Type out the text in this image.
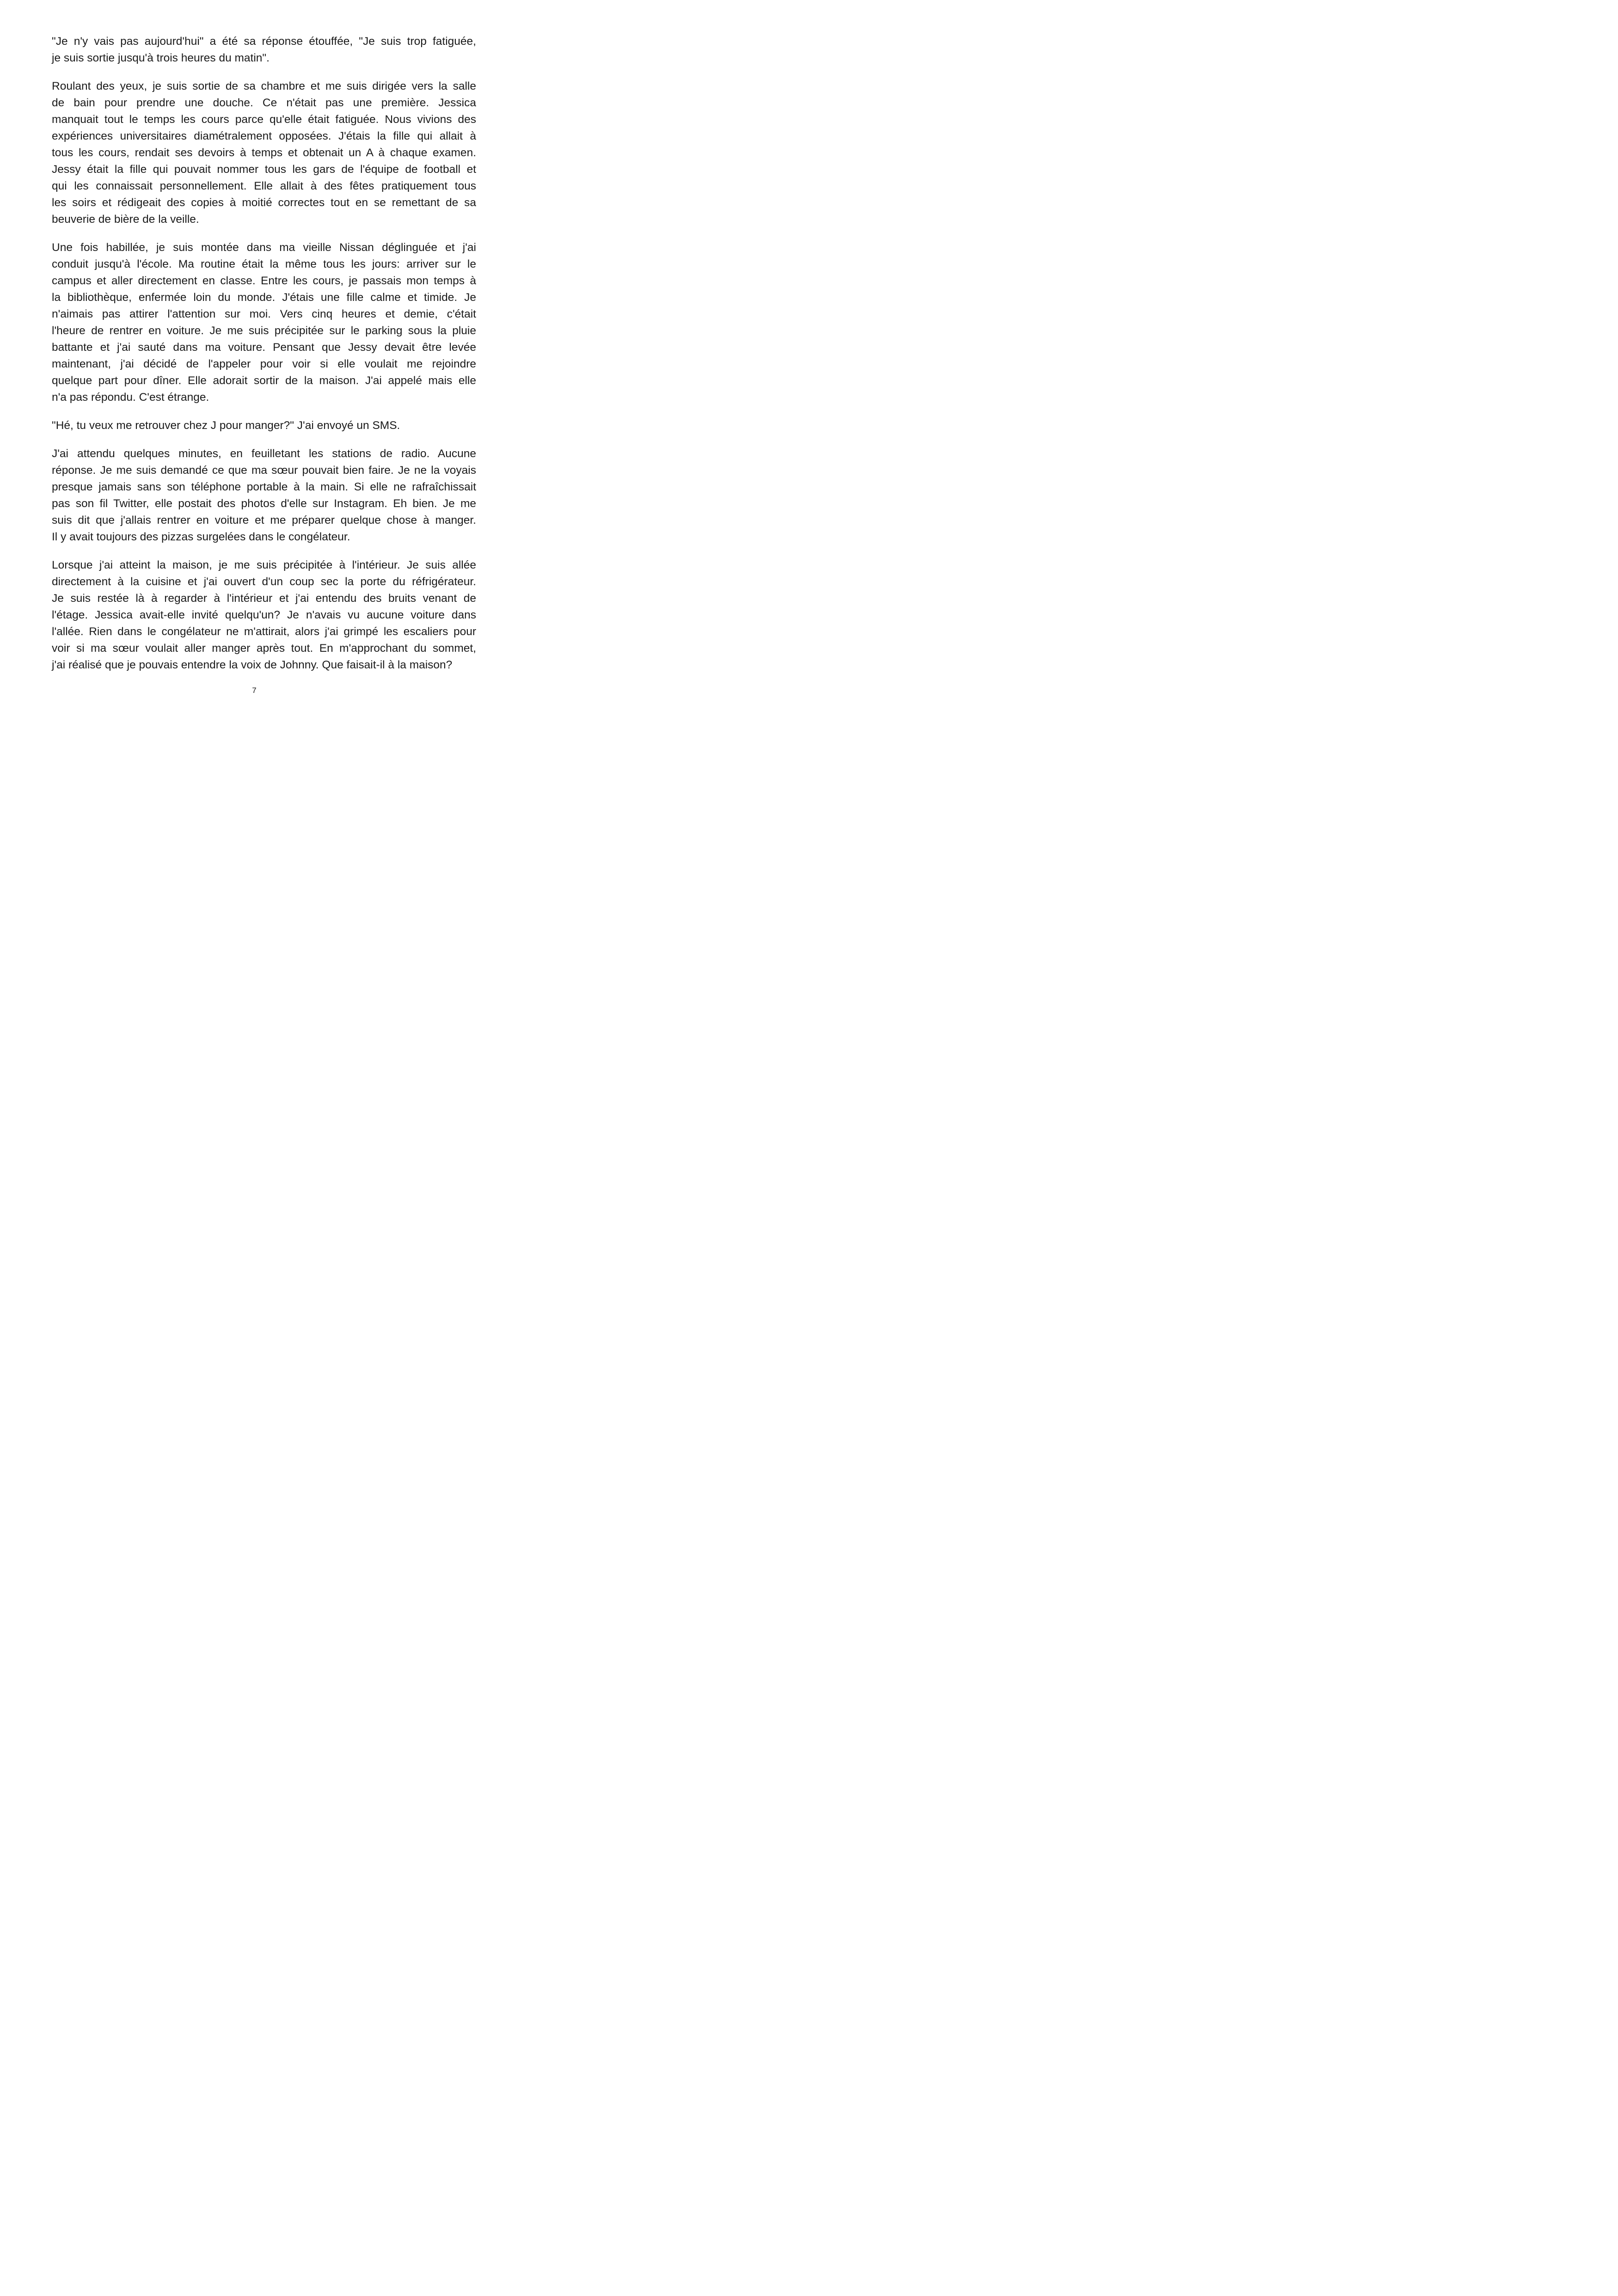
"Je n'y vais pas aujourd'hui" a été sa réponse étouffée, "Je suis trop fatiguée,
je suis sortie jusqu'à trois heures du matin".
Roulant des yeux, je suis sortie de sa chambre et me suis dirigée vers la salle
de bain pour prendre une douche. Ce n'était pas une première. Jessica
manquait tout le temps les cours parce qu'elle était fatiguée. Nous vivions des
expériences universitaires diamétralement opposées. J'étais la fille qui allait à
tous les cours, rendait ses devoirs à temps et obtenait un A à chaque examen.
Jessy était la fille qui pouvait nommer tous les gars de l'équipe de football et
qui les connaissait personnellement. Elle allait à des fêtes pratiquement tous
les soirs et rédigeait des copies à moitié correctes tout en se remettant de sa
beuverie de bière de la veille.
Une fois habillée, je suis montée dans ma vieille Nissan déglinguée et j'ai
conduit jusqu'à l'école. Ma routine était la même tous les jours: arriver sur le
campus et aller directement en classe. Entre les cours, je passais mon temps à
la bibliothèque, enfermée loin du monde. J'étais une fille calme et timide. Je
n'aimais pas attirer l'attention sur moi. Vers cinq heures et demie, c'était
l'heure de rentrer en voiture. Je me suis précipitée sur le parking sous la pluie
battante et j'ai sauté dans ma voiture. Pensant que Jessy devait être levée
maintenant, j'ai décidé de l'appeler pour voir si elle voulait me rejoindre
quelque part pour dîner. Elle adorait sortir de la maison. J'ai appelé mais elle
n'a pas répondu. C'est étrange.
"Hé, tu veux me retrouver chez J pour manger?" J'ai envoyé un SMS.
J'ai attendu quelques minutes, en feuilletant les stations de radio. Aucune
réponse. Je me suis demandé ce que ma sœur pouvait bien faire. Je ne la voyais
presque jamais sans son téléphone portable à la main. Si elle ne rafraîchissait
pas son fil Twitter, elle postait des photos d'elle sur Instagram. Eh bien. Je me
suis dit que j'allais rentrer en voiture et me préparer quelque chose à manger.
Il y avait toujours des pizzas surgelées dans le congélateur.
Lorsque j'ai atteint la maison, je me suis précipitée à l'intérieur. Je suis allée
directement à la cuisine et j'ai ouvert d'un coup sec la porte du réfrigérateur.
Je suis restée là à regarder à l'intérieur et j'ai entendu des bruits venant de
l'étage. Jessica avait-elle invité quelqu'un? Je n'avais vu aucune voiture dans
l'allée. Rien dans le congélateur ne m'attirait, alors j'ai grimpé les escaliers pour
voir si ma sœur voulait aller manger après tout. En m'approchant du sommet,
j'ai réalisé que je pouvais entendre la voix de Johnny. Que faisait-il à la maison?
7
